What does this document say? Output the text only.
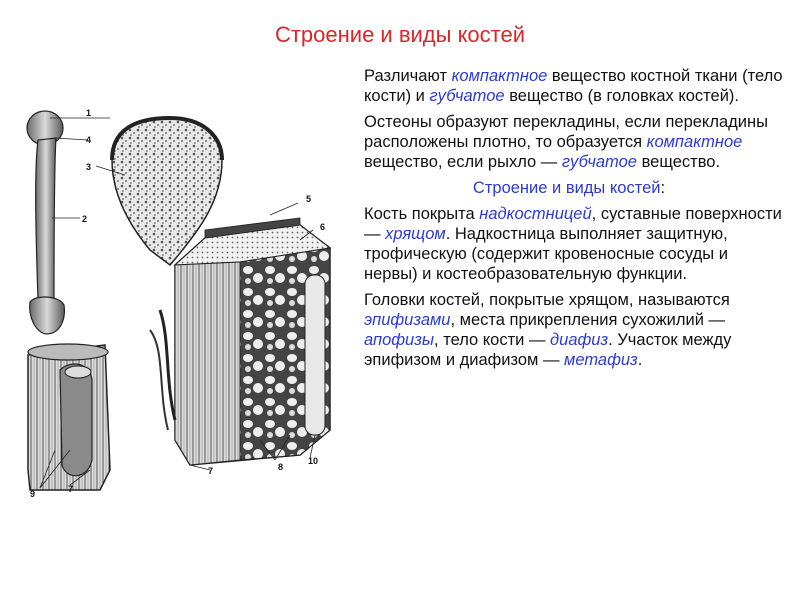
Строение и виды костей
1
4
3
2
5
6
8
10
7
9	7

Различают компактное вещество костной ткани (тело кости) и губчатое вещество (в головках костей).

Остеоны образуют перекладины, если перекладины расположены плотно, то образуется компактное вещество, если рыхло — губчатое вещество.

Строение и виды костей:

Кость покрыта надкостницей, суставные поверхности — хрящом. Надкостница выполняет защитную, трофическую (содержит кровеносные сосуды и нервы) и костеобразовательную функции.

Головки костей, покрытые хрящом, называются эпифизами, места прикрепления сухожилий — апофизы, тело кости — диафиз. Участок между эпифизом и диафизом — метафиз.
